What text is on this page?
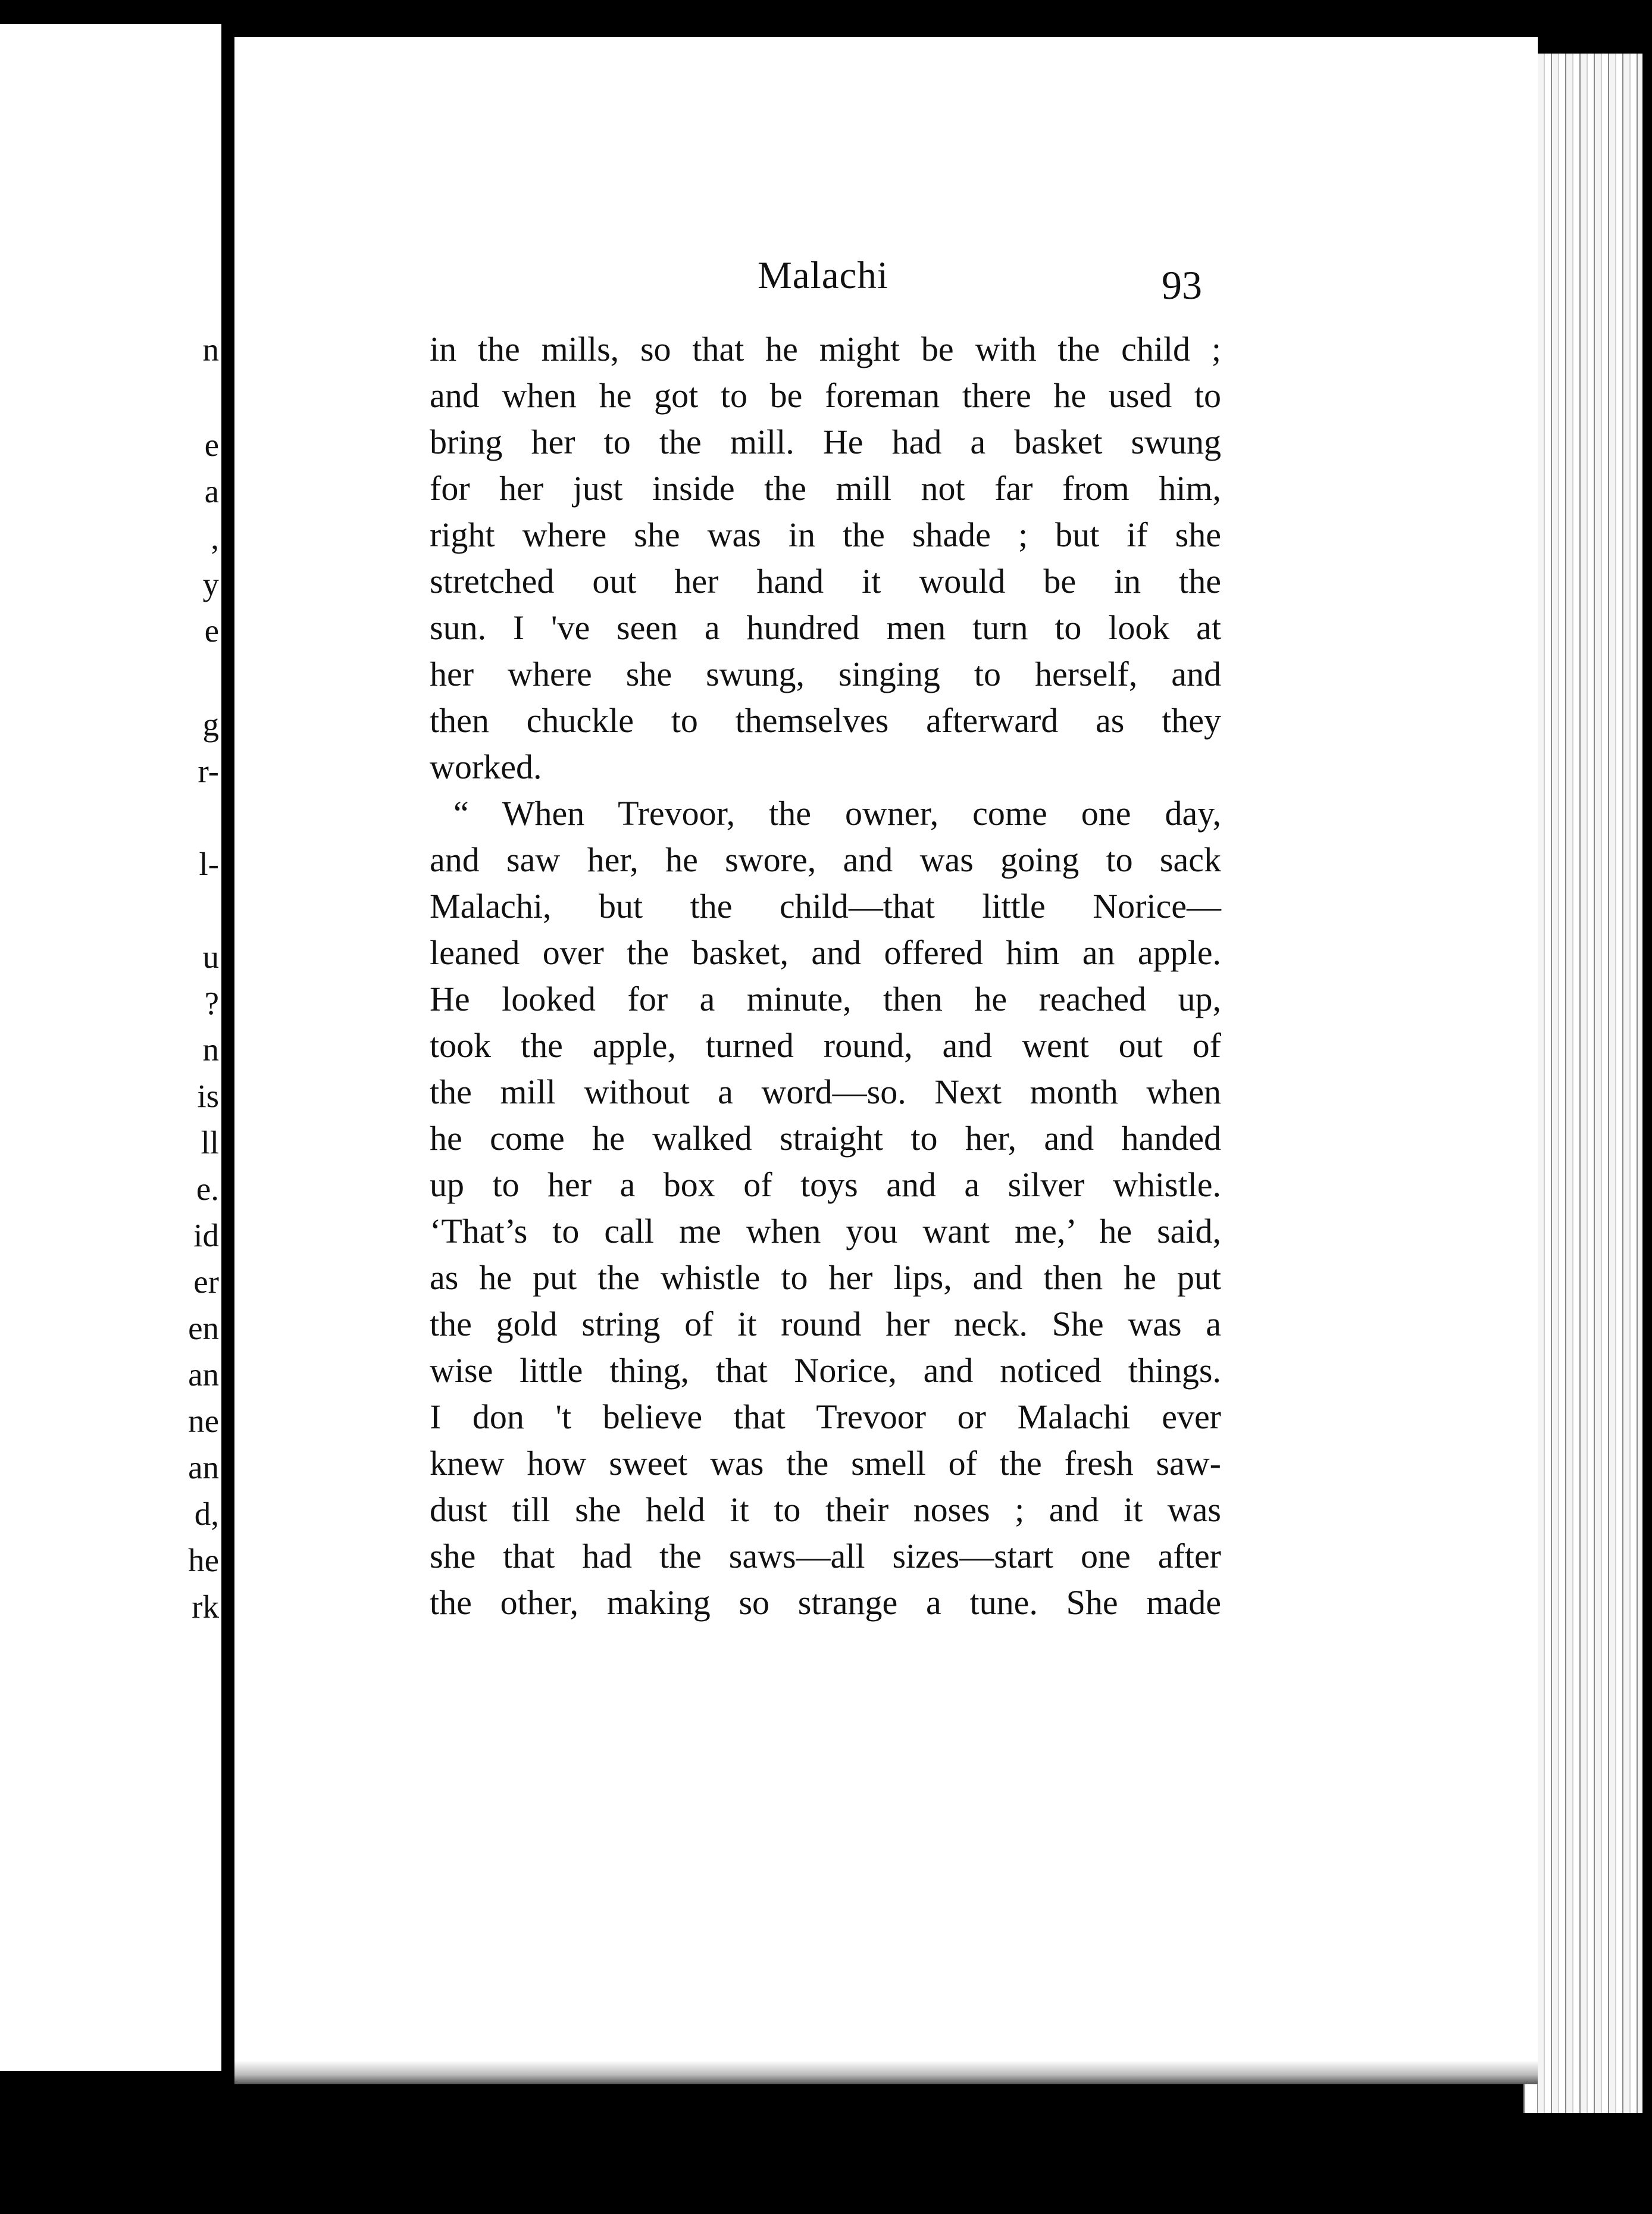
n
e
a
,
y
e
g
r-
l-
u
?
n
is
ll
e.
id
er
en
an
ne
an
d,
he
rk
Malachi	93
in the mills, so that he might be with the child ;
and when he got to be foreman there he used to
bring her to the mill. He had a basket swung
for her just inside the mill not far from him,
right where she was in the shade ; but if she
stretched out her hand it would be in the
sun. I 've seen a hundred men turn to look at
her where she swung, singing to herself, and
then chuckle to themselves afterward as they
worked.
“ When Trevoor, the owner, come one day,
and saw her, he swore, and was going to sack
Malachi, but the child—that little Norice—
leaned over the basket, and offered him an apple.
He looked for a minute, then he reached up,
took the apple, turned round, and went out of
the mill without a word—so. Next month when
he come he walked straight to her, and handed
up to her a box of toys and a silver whistle.
‘That’s to call me when you want me,’ he said,
as he put the whistle to her lips, and then he put
the gold string of it round her neck. She was a
wise little thing, that Norice, and noticed things.
I don 't believe that Trevoor or Malachi ever
knew how sweet was the smell of the fresh saw-
dust till she held it to their noses ; and it was
she that had the saws—all sizes—start one after
the other, making so strange a tune. She made
